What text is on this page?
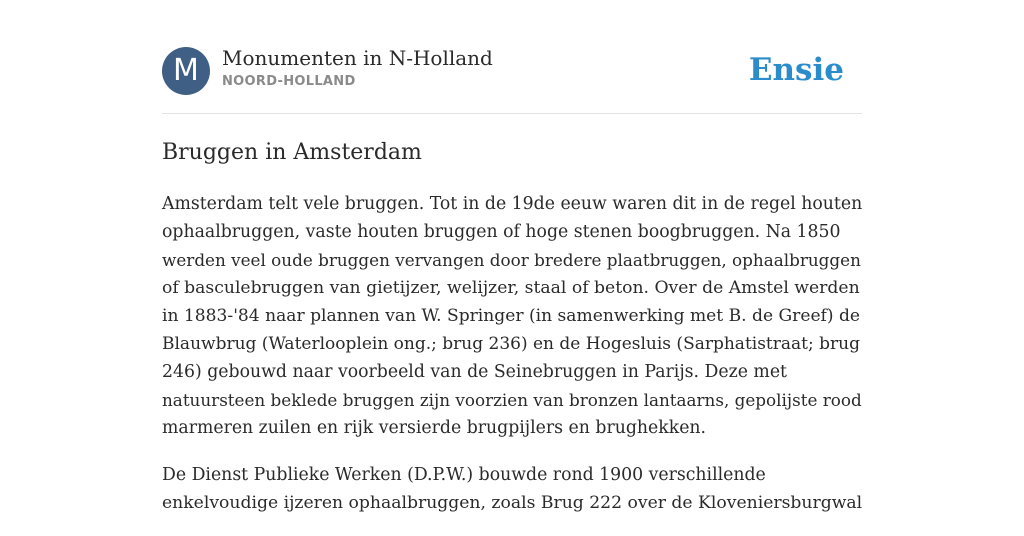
M	Monumenten in N-Holland
NOORD-HOLLAND	Ensie
Bruggen in Amsterdam

Amsterdam telt vele bruggen. Tot in de 19de eeuw waren dit in de regel houten
ophaalbruggen, vaste houten bruggen of hoge stenen boogbruggen. Na 1850
werden veel oude bruggen vervangen door bredere plaatbruggen, ophaalbruggen
of basculebruggen van gietijzer, welijzer, staal of beton. Over de Amstel werden
in 1883-'84 naar plannen van W. Springer (in samenwerking met B. de Greef) de
Blauwbrug (Waterlooplein ong.; brug 236) en de Hogesluis (Sarphatistraat; brug
246) gebouwd naar voorbeeld van de Seinebruggen in Parijs. Deze met
natuursteen beklede bruggen zijn voorzien van bronzen lantaarns, gepolijste rood
marmeren zuilen en rijk versierde brugpijlers en brughekken.

De Dienst Publieke Werken (D.P.W.) bouwde rond 1900 verschillende
enkelvoudige ijzeren ophaalbruggen, zoals Brug 222 over de Kloveniersburgwal
